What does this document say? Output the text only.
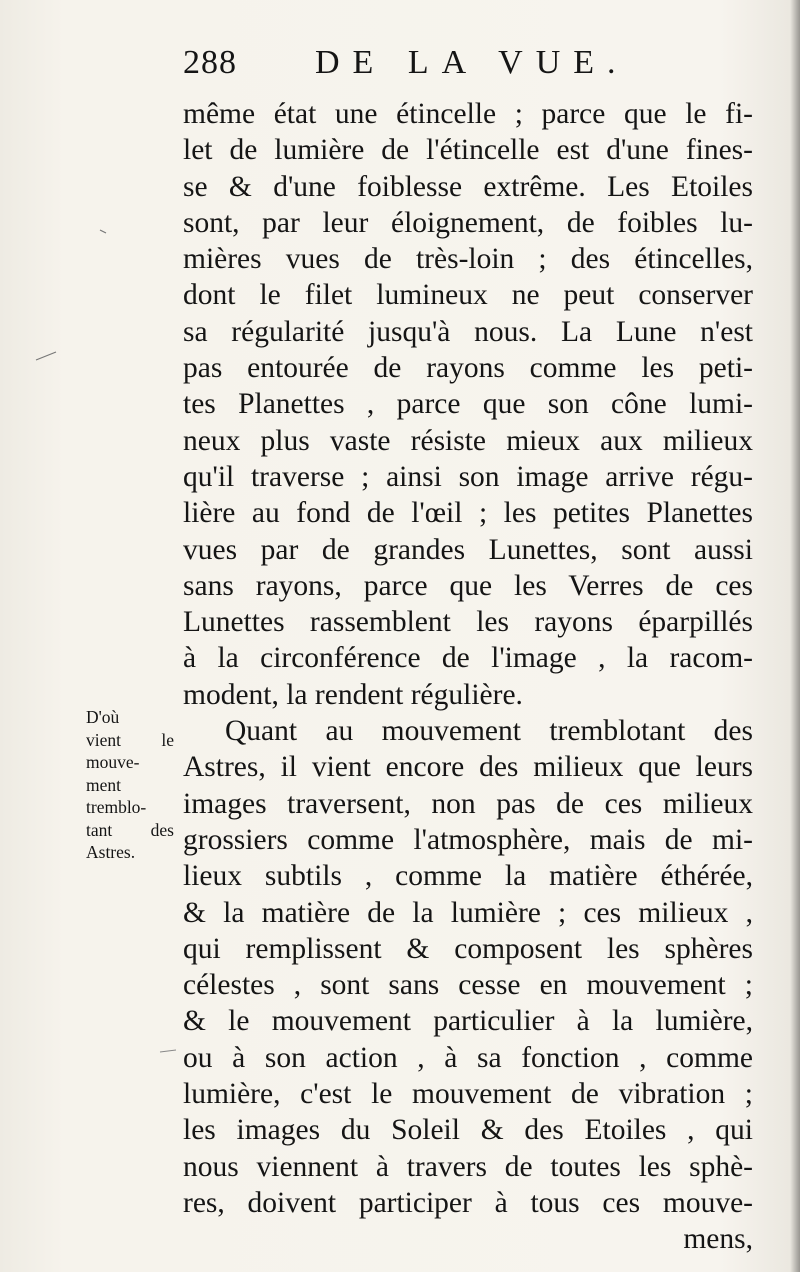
288 DE LA VUE.
même état une étincelle ; parce que le fi-
let de lumière de l'étincelle est d'une fines-
se & d'une foiblesse extrême. Les Etoiles
sont, par leur éloignement, de foibles lu-
mières vues de très-loin ; des étincelles,
dont le filet lumineux ne peut conserver
sa régularité jusqu'à nous. La Lune n'est
pas entourée de rayons comme les peti-
tes Planettes , parce que son cône lumi-
neux plus vaste résiste mieux aux milieux
qu'il traverse ; ainsi son image arrive régu-
lière au fond de l'œil ; les petites Planettes
vues par de grandes Lunettes, sont aussi
sans rayons, parce que les Verres de ces
Lunettes rassemblent les rayons éparpillés
à la circonférence de l'image , la racom-
modent, la rendent régulière.
Quant au mouvement tremblotant des
Astres, il vient encore des milieux que leurs
images traversent, non pas de ces milieux
grossiers comme l'atmosphère, mais de mi-
lieux subtils , comme la matière éthérée,
& la matière de la lumière ; ces milieux ,
qui remplissent & composent les sphères
célestes , sont sans cesse en mouvement ;
& le mouvement particulier à la lumière,
ou à son action , à sa fonction , comme
lumière, c'est le mouvement de vibration ;
les images du Soleil & des Etoiles , qui
nous viennent à travers de toutes les sphè-
res, doivent participer à tous ces mouve-
mens,
D'où
vient le
mouve-
ment
tremblo-
tant des
Astres.
